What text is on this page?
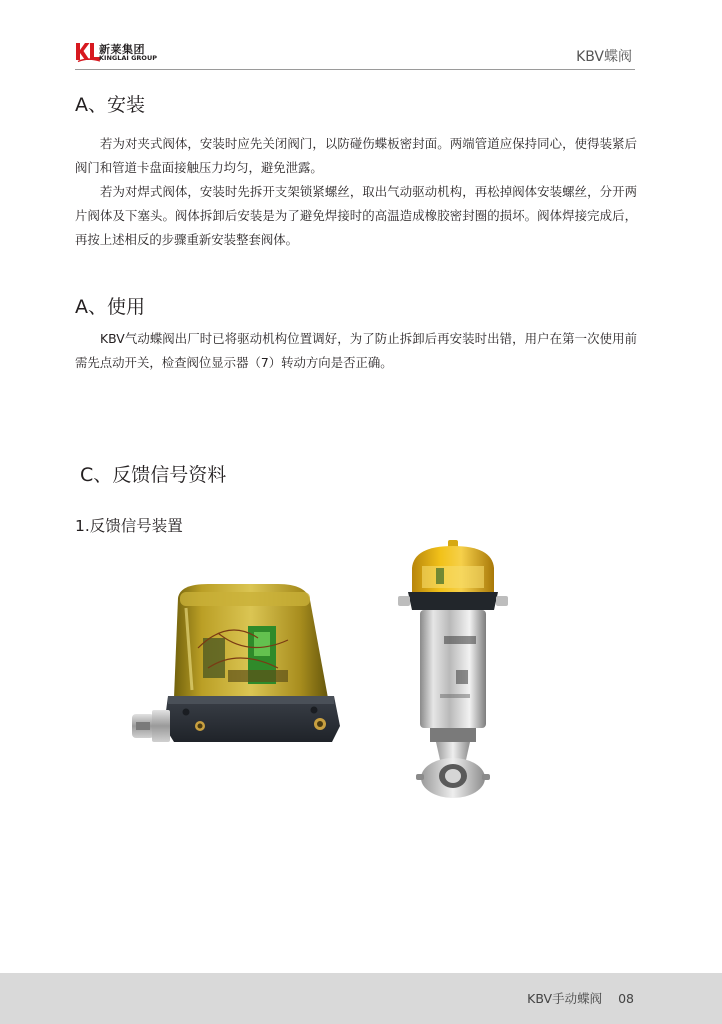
新莱集团
KINGLAI GROUP	KBV蝶阀
A、安装

若为对夹式阀体，安装时应先关闭阀门，以防碰伤蝶板密封面。两端管道应保持同心，使得装紧后阀门和管道卡盘面接触压力均匀，避免泄露。

若为对焊式阀体，安装时先拆开支架锁紧螺丝，取出气动驱动机构，再松掉阀体安装螺丝，分开两片阀体及下塞头。阀体拆卸后安装是为了避免焊接时的高温造成橡胶密封圈的损坏。阀体焊接完成后，再按上述相反的步骤重新安装整套阀体。

A、使用

KBV气动蝶阀出厂时已将驱动机构位置调好，为了防止拆卸后再安装时出错，用户在第一次使用前需先点动开关，检查阀位显示器（7）转动方向是否正确。

C、反馈信号资料
1.反馈信号装置
KBV手动蝶阀 08
